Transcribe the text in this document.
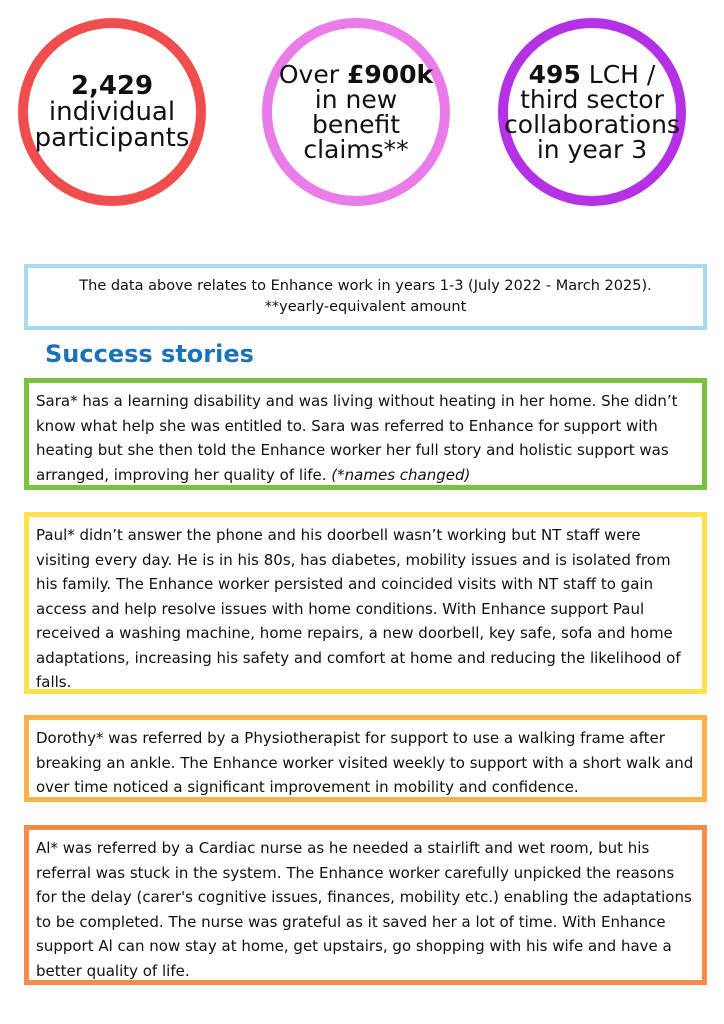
2,429
individual
participants
Over £900k
in new
benefit
claims**
495 LCH /
third sector
collaborations
in year 3
The data above relates to Enhance work in years 1-3 (July 2022 - March 2025).
**yearly-equivalent amount
Success stories

Sara* has a learning disability and was living without heating in her home. She didn’t know what help she was entitled to. Sara was referred to Enhance for support with heating but she then told the Enhance worker her full story and holistic support was arranged, improving her quality of life. (*names changed)

Paul* didn’t answer the phone and his doorbell wasn’t working but NT staff were visiting every day. He is in his 80s, has diabetes, mobility issues and is isolated from his family. The Enhance worker persisted and coincided visits with NT staff to gain access and help resolve issues with home conditions. With Enhance support Paul received a washing machine, home repairs, a new doorbell, key safe, sofa and home adaptations, increasing his safety and comfort at home and reducing the likelihood of falls.

Dorothy* was referred by a Physiotherapist for support to use a walking frame after breaking an ankle. The Enhance worker visited weekly to support with a short walk and over time noticed a significant improvement in mobility and confidence.

Al* was referred by a Cardiac nurse as he needed a stairlift and wet room, but his referral was stuck in the system. The Enhance worker carefully unpicked the reasons for the delay (carer's cognitive issues, finances, mobility etc.) enabling the adaptations to be completed. The nurse was grateful as it saved her a lot of time. With Enhance support Al can now stay at home, get upstairs, go shopping with his wife and have a better quality of life.
